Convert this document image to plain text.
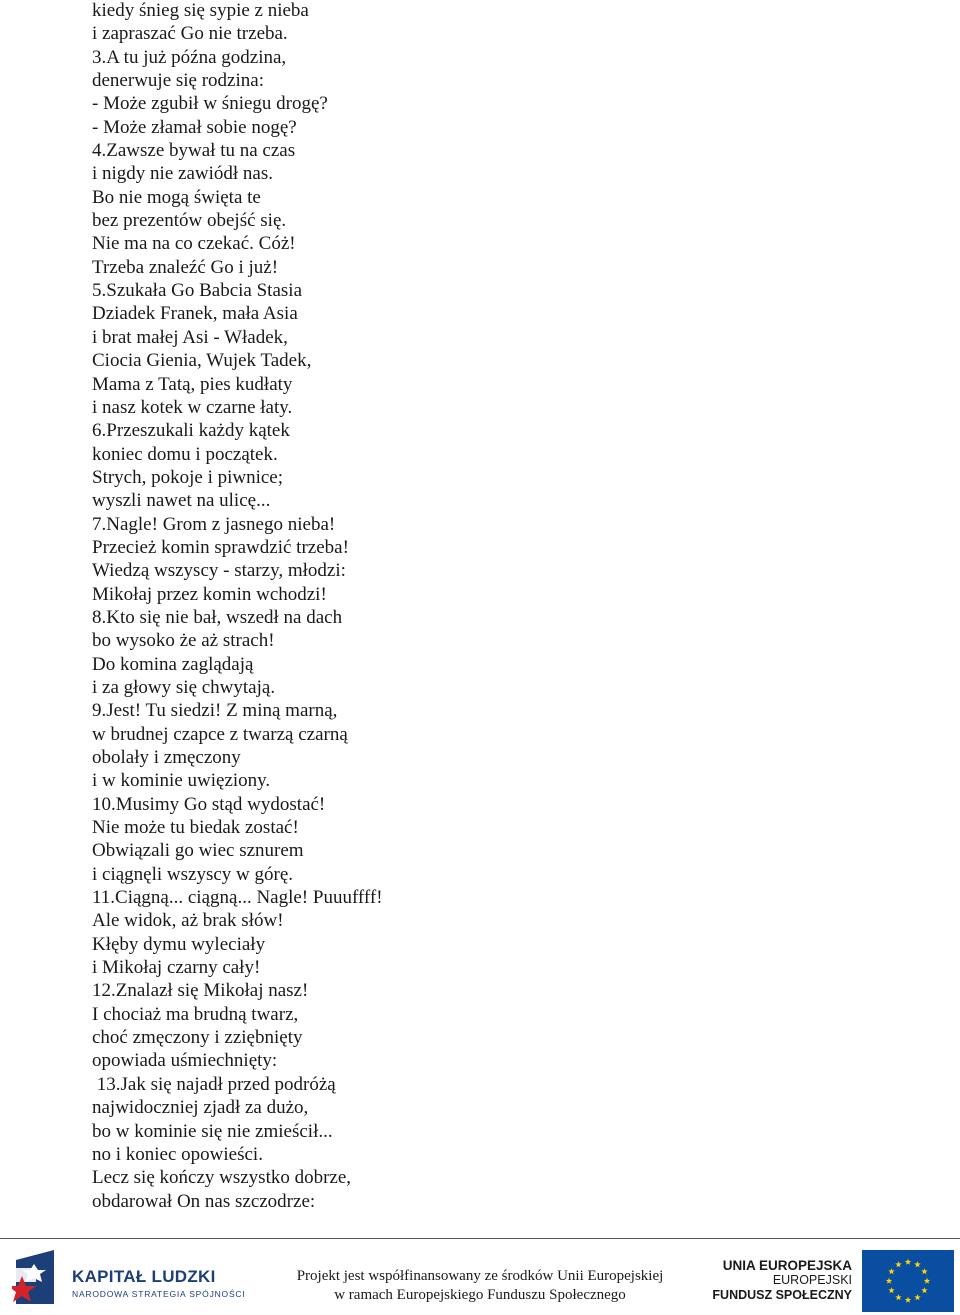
kiedy śnieg się sypie z nieba
i zapraszać Go nie trzeba.
3.A tu już późna godzina,
denerwuje się rodzina:
- Może zgubił w śniegu drogę?
- Może złamał sobie nogę?
4.Zawsze bywał tu na czas
i nigdy nie zawiódł nas.
Bo nie mogą święta te
bez prezentów obejść się.
Nie ma na co czekać. Cóż!
Trzeba znaleźć Go i już!
5.Szukała Go Babcia Stasia
Dziadek Franek, mała Asia
i brat małej Asi - Władek,
Ciocia Gienia, Wujek Tadek,
Mama z Tatą, pies kudłaty
i nasz kotek w czarne łaty.
6.Przeszukali każdy kątek
koniec domu i początek.
Strych, pokoje i piwnice;
wyszli nawet na ulicę...
7.Nagle! Grom z jasnego nieba!
Przecież komin sprawdzić trzeba!
Wiedzą wszyscy - starzy, młodzi:
Mikołaj przez komin wchodzi!
8.Kto się nie bał, wszedł na dach
bo wysoko że aż strach!
Do komina zaglądają
i za głowy się chwytają.
9.Jest! Tu siedzi! Z miną marną,
w brudnej czapce z twarzą czarną
obolały i zmęczony
i w kominie uwięziony.
10.Musimy Go stąd wydostać!
Nie może tu biedak zostać!
Obwiązali go wiec sznurem
i ciągnęli wszyscy w górę.
11.Ciągną... ciągną... Nagle! Puuuffff!
Ale widok, aż brak słów!
Kłęby dymu wyleciały
i Mikołaj czarny cały!
12.Znalazł się Mikołaj nasz!
I chociaż ma brudną twarz,
choć zmęczony i zziębnięty
opowiada uśmiechnięty:
13.Jak się najadł przed podróżą
najwidoczniej zjadł za dużo,
bo w kominie się nie zmieścił...
no i koniec opowieści.
Lecz się kończy wszystko dobrze,
obdarował On nas szczodrze:
KAPITAŁ LUDZKI
NARODOWA STRATEGIA SPÓJNOŚCI
Projekt jest współfinansowany ze środków Unii Europejskiej
w ramach Europejskiego Funduszu Społecznego
UNIA EUROPEJSKA
EUROPEJSKI
FUNDUSZ SPOŁECZNY
